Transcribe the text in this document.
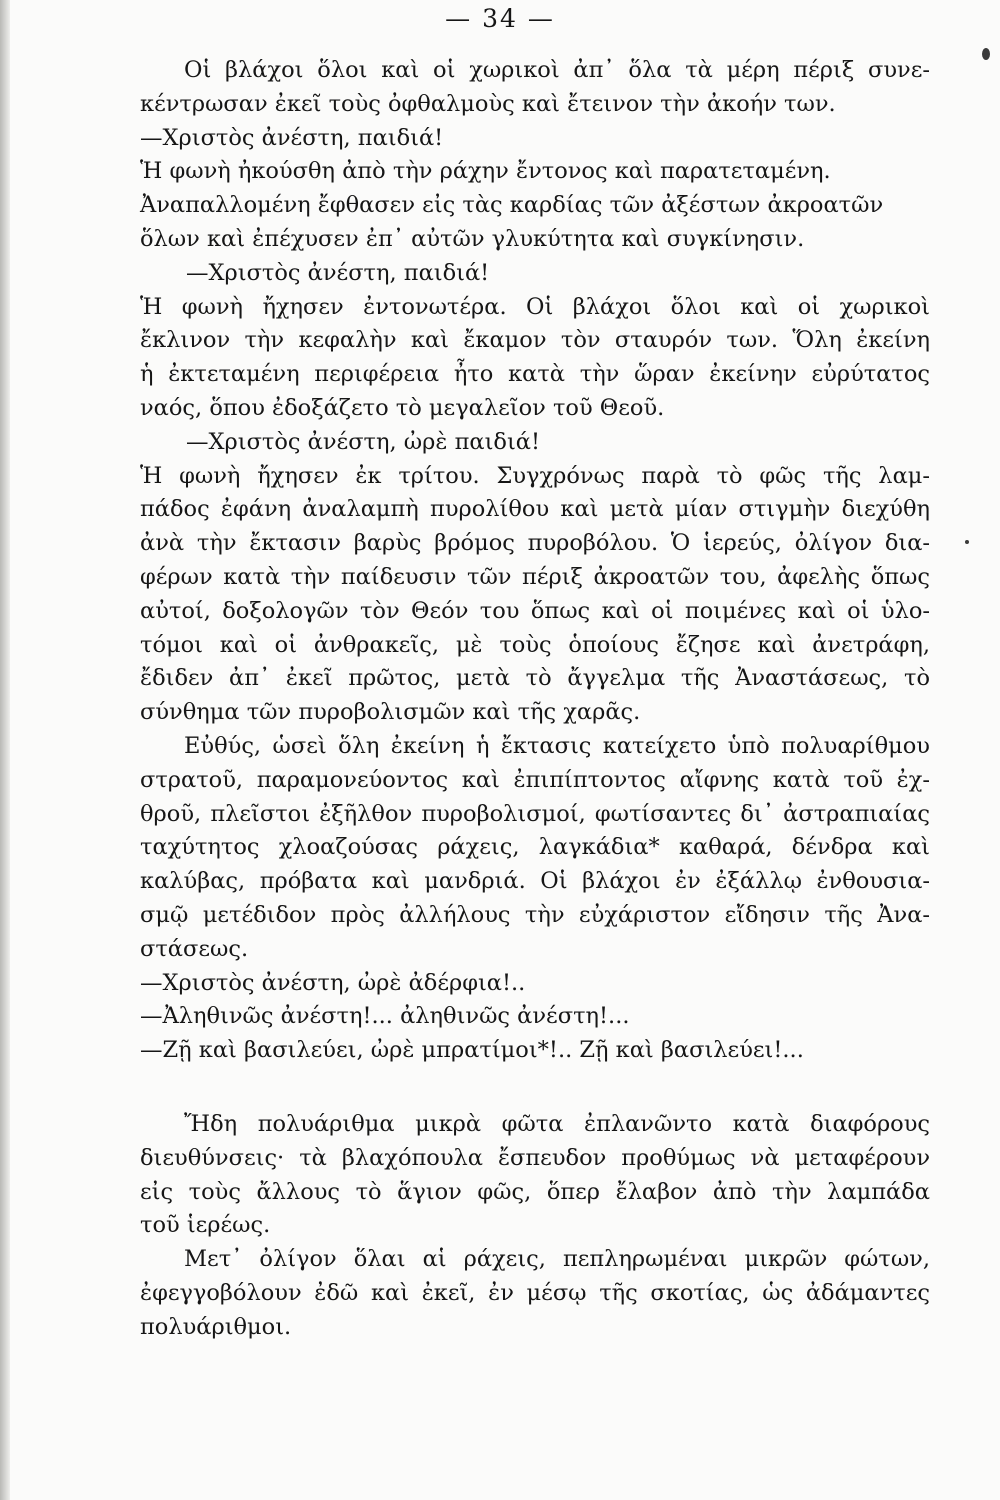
— 34 —
Οἱ βλάχοι ὅλοι καὶ οἱ χωρικοὶ ἀπ᾿ ὅλα τὰ μέρη πέριξ συνε-
κέντρωσαν ἐκεῖ τοὺς ὀφθαλμοὺς καὶ ἔτεινον τὴν ἀκοήν των.
—Χριστὸς ἀνέστη, παιδιά!
Ἡ φωνὴ ἠκούσθη ἀπὸ τὴν ράχην ἔντονος καὶ παρατεταμένη.
Ἀναπαλλομένη ἔφθασεν εἰς τὰς καρδίας τῶν ἀξέστων ἀκροατῶν
ὅλων καὶ ἐπέχυσεν ἐπ᾿ αὐτῶν γλυκύτητα καὶ συγκίνησιν.
—Χριστὸς ἀνέστη, παιδιά!
Ἡ φωνὴ ἤχησεν ἐντονωτέρα. Οἱ βλάχοι ὅλοι καὶ οἱ χωρικοὶ
ἔκλινον τὴν κεφαλὴν καὶ ἔκαμον τὸν σταυρόν των. Ὅλη ἐκείνη
ἡ ἐκτεταμένη περιφέρεια ἦτο κατὰ τὴν ὥραν ἐκείνην εὐρύτατος
ναός, ὅπου ἐδοξάζετο τὸ μεγαλεῖον τοῦ Θεοῦ.
—Χριστὸς ἀνέστη, ὠρὲ παιδιά!
Ἡ φωνὴ ἤχησεν ἐκ τρίτου. Συγχρόνως παρὰ τὸ φῶς τῆς λαμ-
πάδος ἐφάνη ἀναλαμπὴ πυρολίθου καὶ μετὰ μίαν στιγμὴν διεχύθη
ἀνὰ τὴν ἔκτασιν βαρὺς βρόμος πυροβόλου. Ὁ ἱερεύς, ὀλίγον δια-
φέρων κατὰ τὴν παίδευσιν τῶν πέριξ ἀκροατῶν του, ἀφελὴς ὅπως
αὐτοί, δοξολογῶν τὸν Θεόν του ὅπως καὶ οἱ ποιμένες καὶ οἱ ὑλο-
τόμοι καὶ οἱ ἀνθρακεῖς, μὲ τοὺς ὁποίους ἔζησε καὶ ἀνετράφη,
ἔδιδεν ἀπ᾿ ἐκεῖ πρῶτος, μετὰ τὸ ἄγγελμα τῆς Ἀναστάσεως, τὸ
σύνθημα τῶν πυροβολισμῶν καὶ τῆς χαρᾶς.
Εὐθύς, ὡσεὶ ὅλη ἐκείνη ἡ ἔκτασις κατείχετο ὑπὸ πολυαρίθμου
στρατοῦ, παραμονεύοντος καὶ ἐπιπίπτοντος αἴφνης κατὰ τοῦ ἐχ-
θροῦ, πλεῖστοι ἐξῆλθον πυροβολισμοί, φωτίσαντες δι᾿ ἀστραπιαίας
ταχύτητος χλοαζούσας ράχεις, λαγκάδια* καθαρά, δένδρα καὶ
καλύβας, πρόβατα καὶ μανδριά. Οἱ βλάχοι ἐν ἐξάλλῳ ἐνθουσια-
σμῷ μετέδιδον πρὸς ἀλλήλους τὴν εὐχάριστον εἴδησιν τῆς Ἀνα-
στάσεως.
—Χριστὸς ἀνέστη, ὠρὲ ἀδέρφια!..
—Ἀληθινῶς ἀνέστη!... ἀληθινῶς ἀνέστη!...
—Ζῇ καὶ βασιλεύει, ὠρὲ μπρατίμοι*!.. Ζῇ καὶ βασιλεύει!...
Ἤδη πολυάριθμα μικρὰ φῶτα ἐπλανῶντο κατὰ διαφόρους
διευθύνσεις· τὰ βλαχόπουλα ἔσπευδον προθύμως νὰ μεταφέρουν
εἰς τοὺς ἄλλους τὸ ἅγιον φῶς, ὅπερ ἔλαβον ἀπὸ τὴν λαμπάδα
τοῦ ἱερέως.
Μετ᾿ ὀλίγον ὅλαι αἱ ράχεις, πεπληρωμέναι μικρῶν φώτων,
ἐφεγγοβόλουν ἐδῶ καὶ ἐκεῖ, ἐν μέσῳ τῆς σκοτίας, ὡς ἀδάμαντες
πολυάριθμοι.
